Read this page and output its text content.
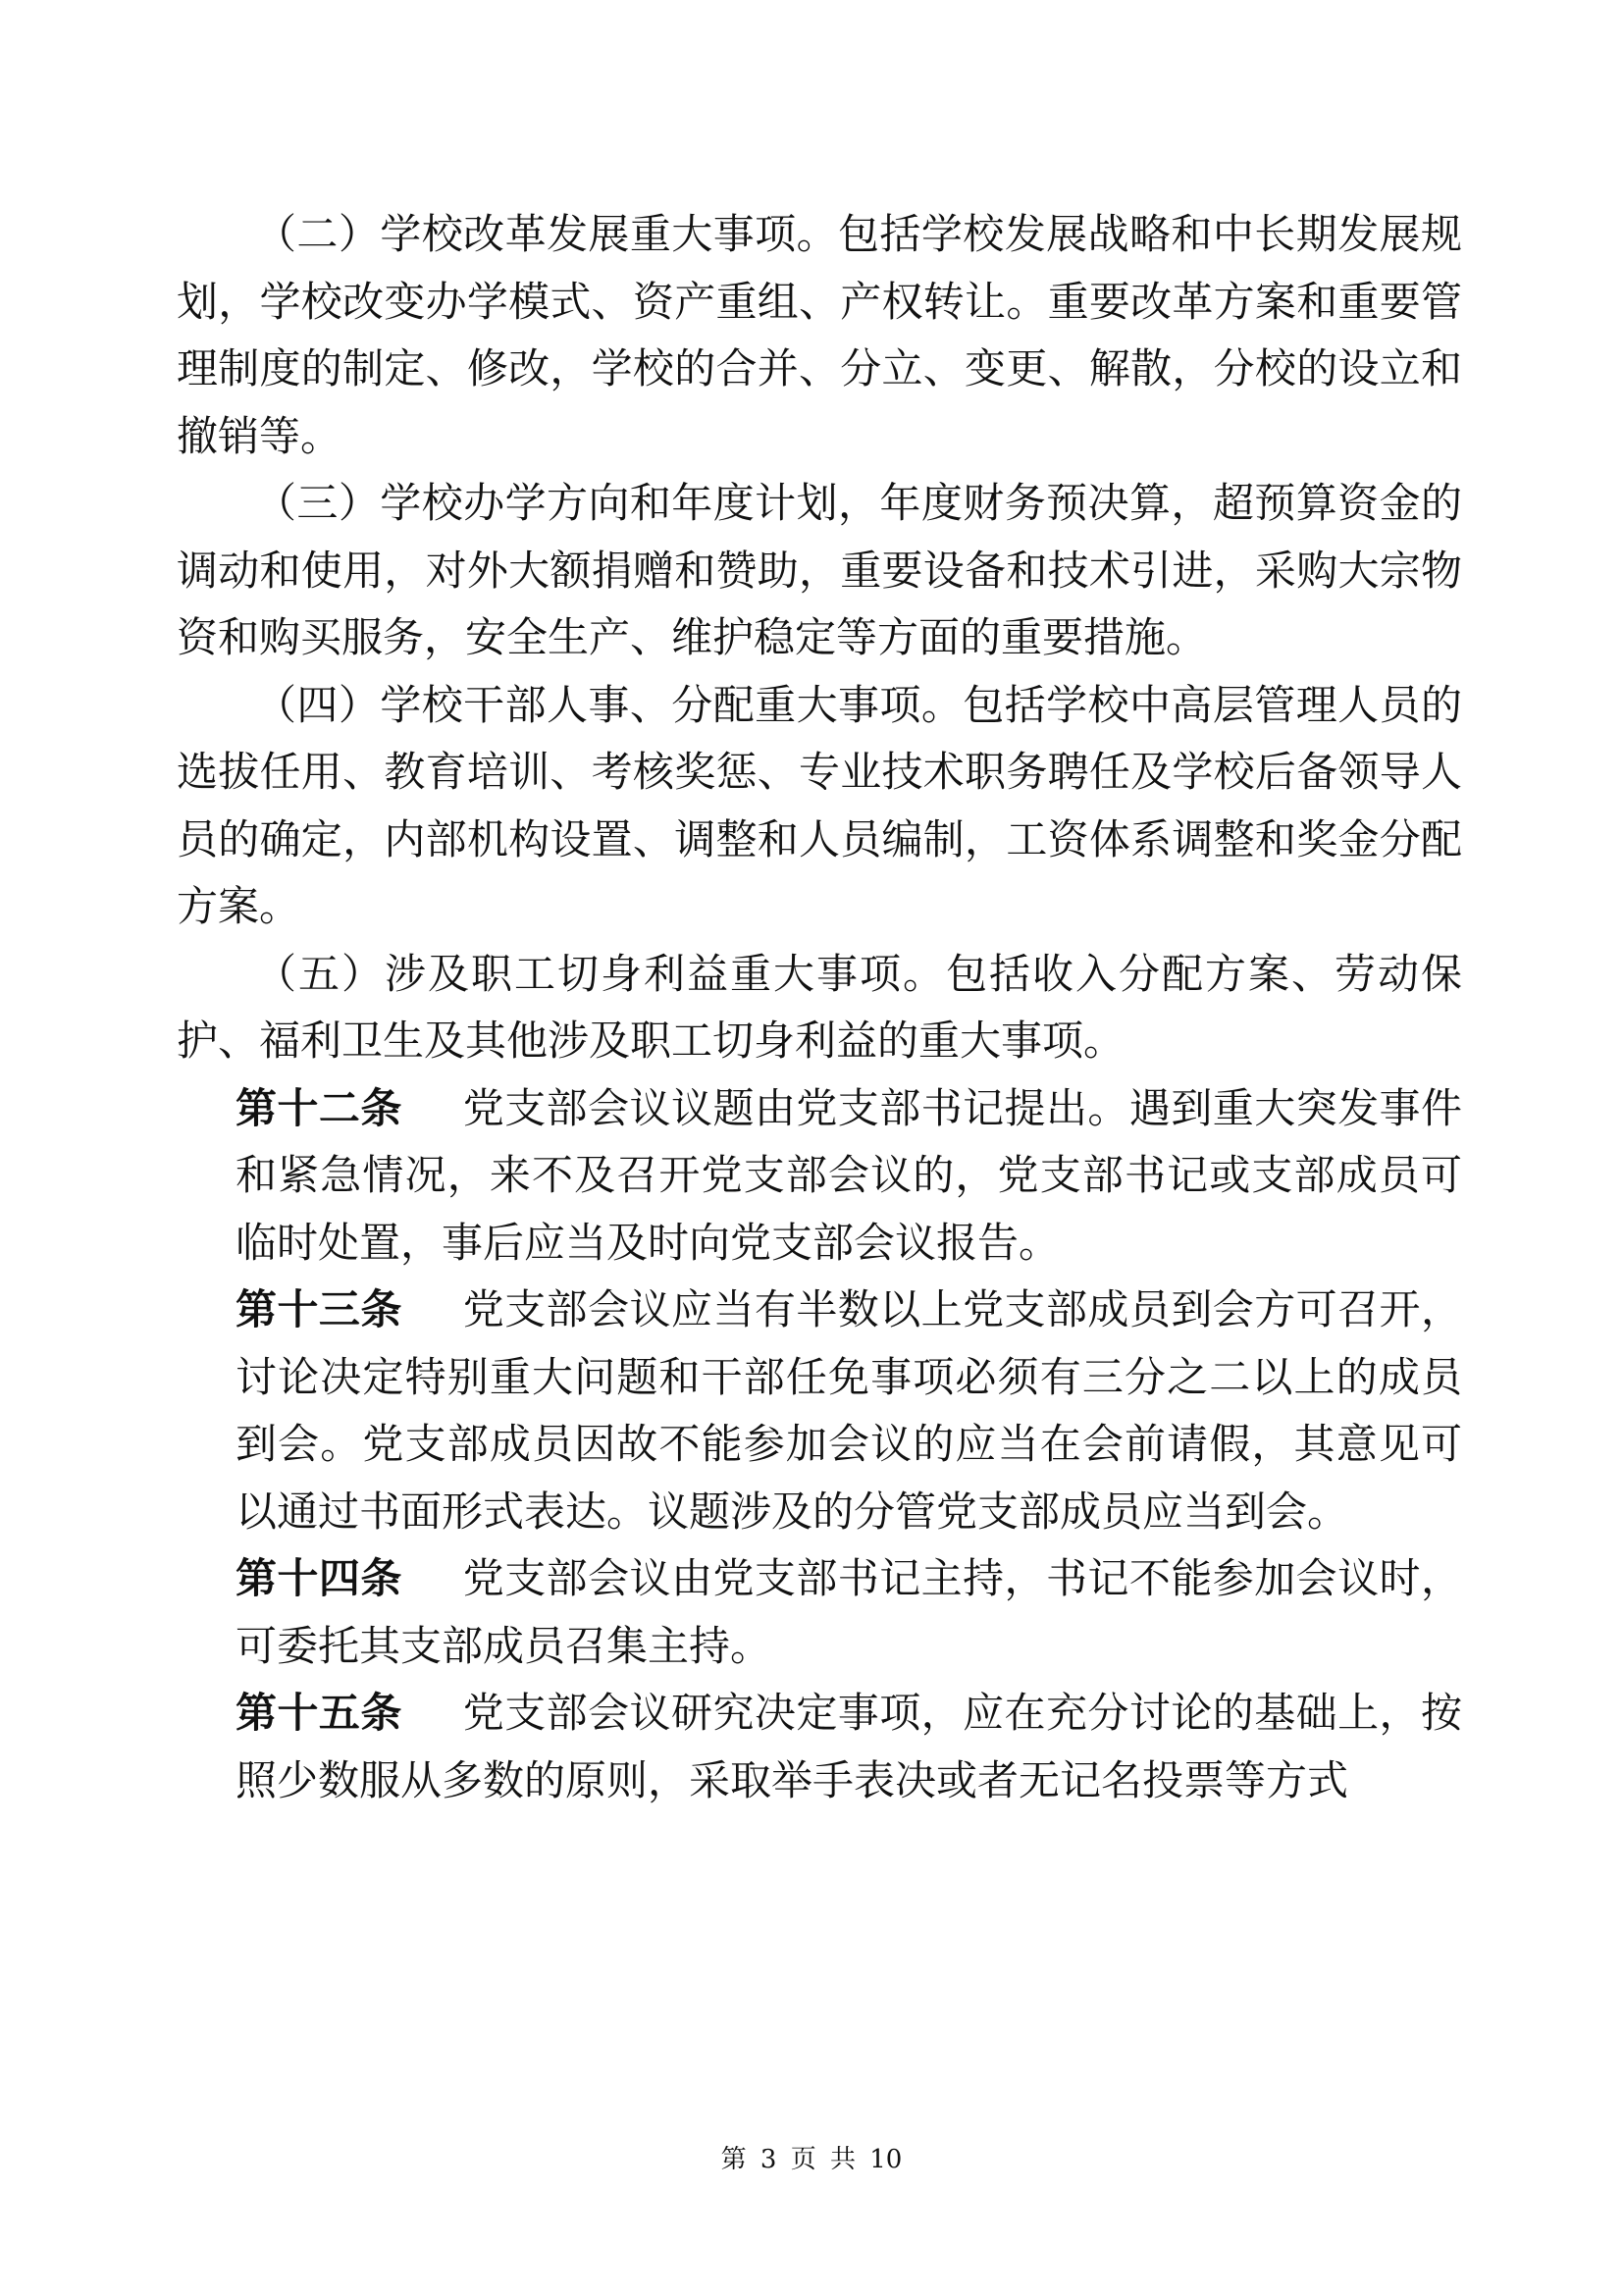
（二）学校改革发展重大事项。包括学校发展战略和中长期发展规划，学校改变办学模式、资产重组、产权转让。重要改革方案和重要管理制度的制定、修改，学校的合并、分立、变更、解散，分校的设立和撤销等。

（三）学校办学方向和年度计划，年度财务预决算，超预算资金的调动和使用，对外大额捐赠和赞助，重要设备和技术引进，采购大宗物资和购买服务，安全生产、维护稳定等方面的重要措施。

（四）学校干部人事、分配重大事项。包括学校中高层管理人员的选拔任用、教育培训、考核奖惩、专业技术职务聘任及学校后备领导人员的确定，内部机构设置、调整和人员编制，工资体系调整和奖金分配方案。

（五）涉及职工切身利益重大事项。包括收入分配方案、劳动保护、福利卫生及其他涉及职工切身利益的重大事项。

第十二条 党支部会议议题由党支部书记提出。遇到重大突发事件和紧急情况，来不及召开党支部会议的，党支部书记或支部成员可临时处置，事后应当及时向党支部会议报告。

第十三条 党支部会议应当有半数以上党支部成员到会方可召开，讨论决定特别重大问题和干部任免事项必须有三分之二以上的成员到会。党支部成员因故不能参加会议的应当在会前请假，其意见可以通过书面形式表达。议题涉及的分管党支部成员应当到会。

第十四条 党支部会议由党支部书记主持，书记不能参加会议时，可委托其支部成员召集主持。

第十五条 党支部会议研究决定事项，应在充分讨论的基础上，按照少数服从多数的原则，采取举手表决或者无记名投票等方式

第 3 页 共 10
